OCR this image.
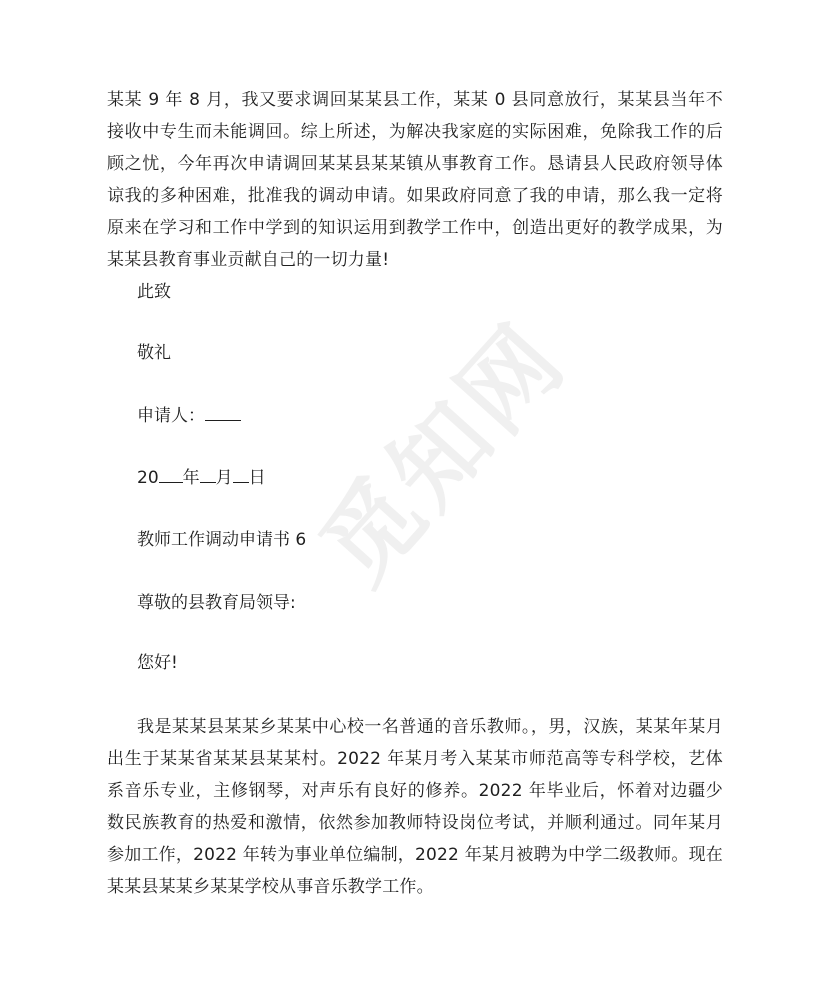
某某 9 年 8 月，我又要求调回某某县工作，某某 0 县同意放行，某某县当年不接收中专生而未能调回。综上所述，为解决我家庭的实际困难，免除我工作的后顾之忧，今年再次申请调回某某县某某镇从事教育工作。恳请县人民政府领导体谅我的多种困难，批准我的调动申请。如果政府同意了我的申请，那么我一定将原来在学习和工作中学到的知识运用到教学工作中，创造出更好的教学成果，为某某县教育事业贡献自己的一切力量!
此致
敬礼
申请人：
20 年 月 日
教师工作调动申请书 6
尊敬的县教育局领导:
您好!
我是某某县某某乡某某中心校一名普通的音乐教师。，男，汉族，某某年某月出生于某某省某某县某某村。2022 年某月考入某某市师范高等专科学校，艺体系音乐专业，主修钢琴，对声乐有良好的修养。2022 年毕业后，怀着对边疆少数民族教育的热爱和激情，依然参加教师特设岗位考试，并顺利通过。同年某月参加工作，2022 年转为事业单位编制，2022 年某月被聘为中学二级教师。现在某某县某某乡某某学校从事音乐教学工作。
觅知网
